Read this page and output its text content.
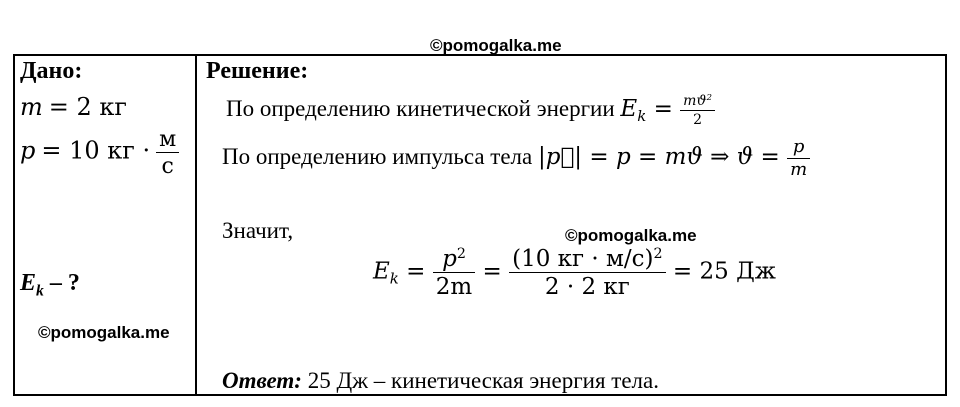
©pomogalka.me
©pomogalka.me
©pomogalka.me
Дано:
m = 2 кг
p = 10 кг · $\frac{м}{с}$
$E_k$ – ?
Решение:
По определению кинетической энергии $E_k = \frac{mϑ^2}{2}$
По определению импульса тела |p⃗| = p = mϑ ⇒ $ϑ = \frac{p}{m}$
Значит,
$E_k = \frac{p^2}{2m} = \frac{(10 кг \cdot м/с)^2}{2 \cdot 2 кг} = 25$ Дж
Ответ: 25 Дж – кинетическая энергия тела.
